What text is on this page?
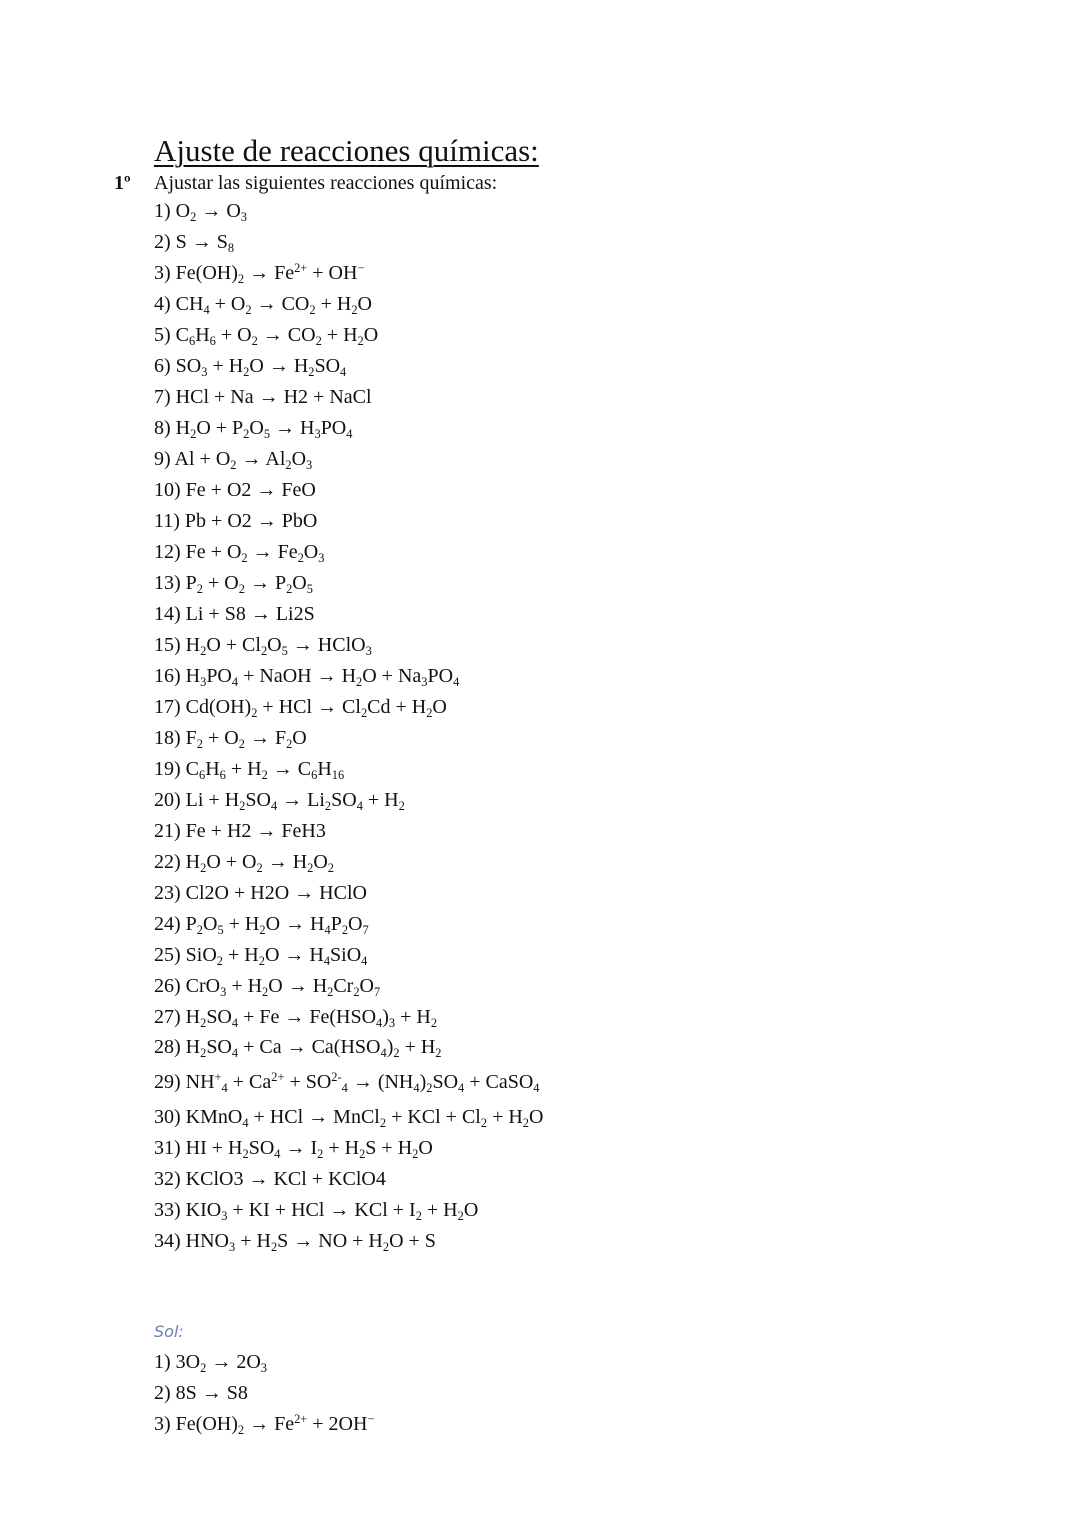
Ajuste de reacciones químicas:
1º Ajustar las siguientes reacciones químicas:
1) $O_2 \to O_3$
2) $S \to S_8$
3) $Fe(OH)_2 \to Fe^{2+} + OH^-$
4) $CH_4 + O_2 \to CO_2 + H_2O$
5) $C_6H_6 + O_2 \to CO_2 + H_2O$
6) $SO_3 + H_2O \to H_2SO_4$
7) HCl + Na → H2 + NaCl
8) $H_2O + P_2O_5 \to H_3PO_4$
9) $Al + O_2 \to Al_2O_3$
10) Fe + O2 → FeO
11) Pb + O2 → PbO
12) $Fe + O_2 \to Fe_2O_3$
13) $P_2 + O_2 \to P_2O_5$
14) Li + S8 → Li2S
15) $H_2O + Cl_2O_5$ → HClO$_3$
16) $H_3PO_4$ + NaOH → $H_2O + Na_3PO_4$
17) $Cd(OH)_2$ + HCl → $Cl_2Cd + H_2O$
18) $F_2 + O_2 \to F_2O$
19) $C_6H_6 + H_2 \to C_6H_{16}$
20) $Li + H_2SO_4 \to Li_2SO_4 + H_2$
21) Fe + H2 → FeH3
22) $H_2O + O_2 \to H_2O_2$
23) Cl2O + H2O → HClO
24) $P_2O_5 + H_2O \to H_4P_2O_7$
25) $SiO_2 + H_2O \to H_4SiO_4$
26) $CrO_3 + H_2O \to H_2Cr_2O_7$
27) $H_2SO_4 + Fe \to Fe(HSO_4)_3 + H_2$
28) $H_2SO_4 + Ca \to Ca(HSO_4)_2 + H_2$
29) $NH^+_4 + Ca^{2+} + SO^{2-}_4 \to (NH_4)_2SO_4$ + CaSO$_4$
30) KMnO$_4$ + HCl → MnCl$_2$ + KCl + $Cl_2 + H_2O$
31) HI + $H_2SO_4 \to I_2 + H_2S + H_2O$
32) KClO3 → KCl + KClO4
33) $KIO_3$ + KI + HCl → KCl + $I_2 + H_2O$
34) $HNO_3 + H_2S$ → NO + $H_2O + S$
Sol:
1) $3O_2 \to 2O_3$
2) 8S → S8
3) $Fe(OH)_2 \to Fe^{2+} + 2OH^-$
